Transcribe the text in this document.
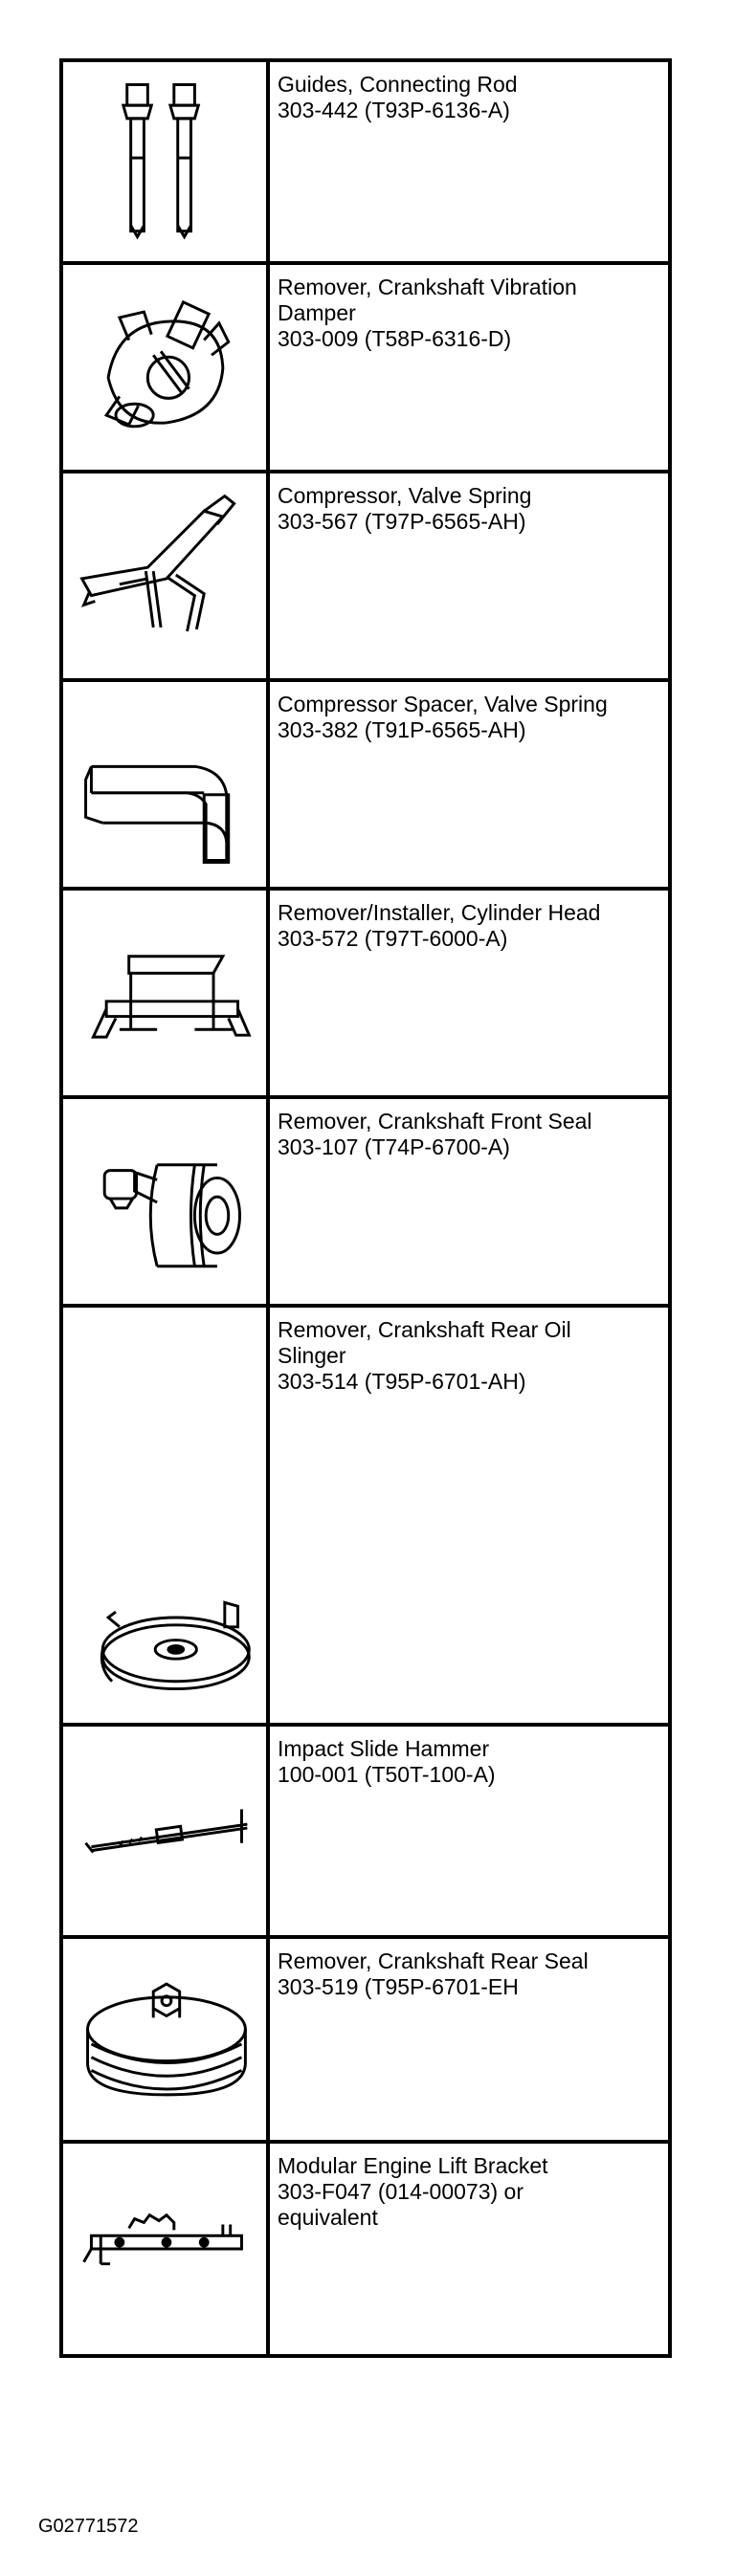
Guides, Connecting Rod
303-442 (T93P-6136-A)
Remover, Crankshaft Vibration
Damper
303-009 (T58P-6316-D)
Compressor, Valve Spring
303-567 (T97P-6565-AH)
Compressor Spacer, Valve Spring
303-382 (T91P-6565-AH)
Remover/Installer, Cylinder Head
303-572 (T97T-6000-A)
Remover, Crankshaft Front Seal
303-107 (T74P-6700-A)
Remover, Crankshaft Rear Oil
Slinger
303-514 (T95P-6701-AH)
Impact Slide Hammer
100-001 (T50T-100-A)
Remover, Crankshaft Rear Seal
303-519 (T95P-6701-EH
Modular Engine Lift Bracket
303-F047 (014-00073) or
equivalent
G02771572
